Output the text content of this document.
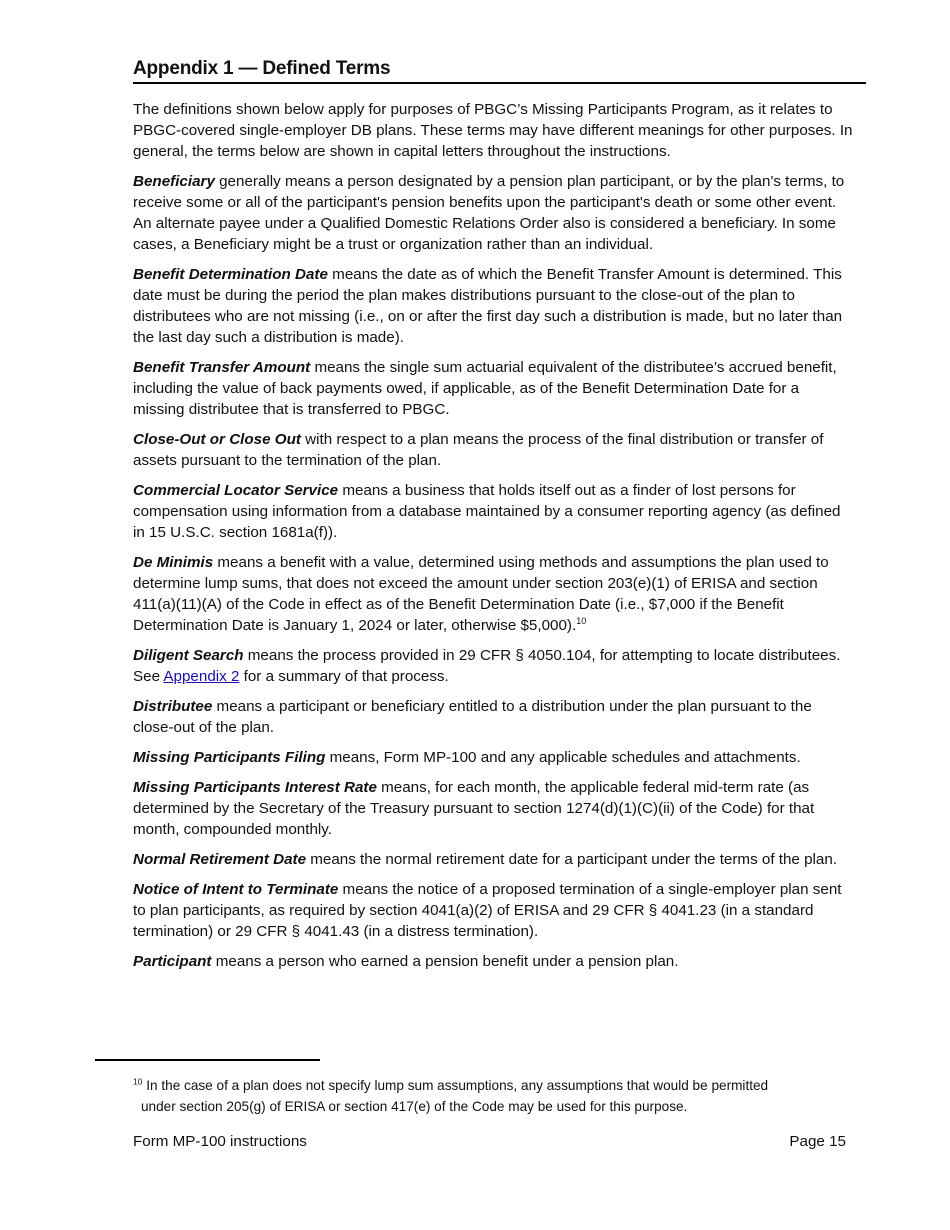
Appendix 1 — Defined Terms

The definitions shown below apply for purposes of PBGC’s Missing Participants Program, as it relates to PBGC-covered single-employer DB plans. These terms may have different meanings for other purposes. In general, the terms below are shown in capital letters throughout the instructions.

Beneficiary generally means a person designated by a pension plan participant, or by the plan's terms, to receive some or all of the participant's pension benefits upon the participant's death or some other event. An alternate payee under a Qualified Domestic Relations Order also is considered a beneficiary. In some cases, a Beneficiary might be a trust or organization rather than an individual.

Benefit Determination Date means the date as of which the Benefit Transfer Amount is determined. This date must be during the period the plan makes distributions pursuant to the close-out of the plan to distributees who are not missing (i.e., on or after the first day such a distribution is made, but no later than the last day such a distribution is made).

Benefit Transfer Amount means the single sum actuarial equivalent of the distributee’s accrued benefit, including the value of back payments owed, if applicable, as of the Benefit Determination Date for a missing distributee that is transferred to PBGC.

Close-Out or Close Out with respect to a plan means the process of the final distribution or transfer of assets pursuant to the termination of the plan.

Commercial Locator Service means a business that holds itself out as a finder of lost persons for compensation using information from a database maintained by a consumer reporting agency (as defined in 15 U.S.C. section 1681a(f)).

De Minimis means a benefit with a value, determined using methods and assumptions the plan used to determine lump sums, that does not exceed the amount under section 203(e)(1) of ERISA and section 411(a)(11)(A) of the Code in effect as of the Benefit Determination Date (i.e., $7,000 if the Benefit Determination Date is January 1, 2024 or later, otherwise $5,000).$^{10}$

Diligent Search means the process provided in 29 CFR § 4050.104, for attempting to locate distributees. See Appendix 2 for a summary of that process.

Distributee means a participant or beneficiary entitled to a distribution under the plan pursuant to the close-out of the plan.

Missing Participants Filing means, Form MP-100 and any applicable schedules and attachments.

Missing Participants Interest Rate means, for each month, the applicable federal mid-term rate (as determined by the Secretary of the Treasury pursuant to section 1274(d)(1)(C)(ii) of the Code) for that month, compounded monthly.

Normal Retirement Date means the normal retirement date for a participant under the terms of the plan.

Notice of Intent to Terminate means the notice of a proposed termination of a single-employer plan sent to plan participants, as required by section 4041(a)(2) of ERISA and 29 CFR § 4041.23 (in a standard termination) or 29 CFR § 4041.43 (in a distress termination).

Participant means a person who earned a pension benefit under a pension plan.

$^{10}$ In the case of a plan does not specify lump sum assumptions, any assumptions that would be permitted
under section 205(g) of ERISA or section 417(e) of the Code may be used for this purpose.
Form MP-100 instructions	Page 15
